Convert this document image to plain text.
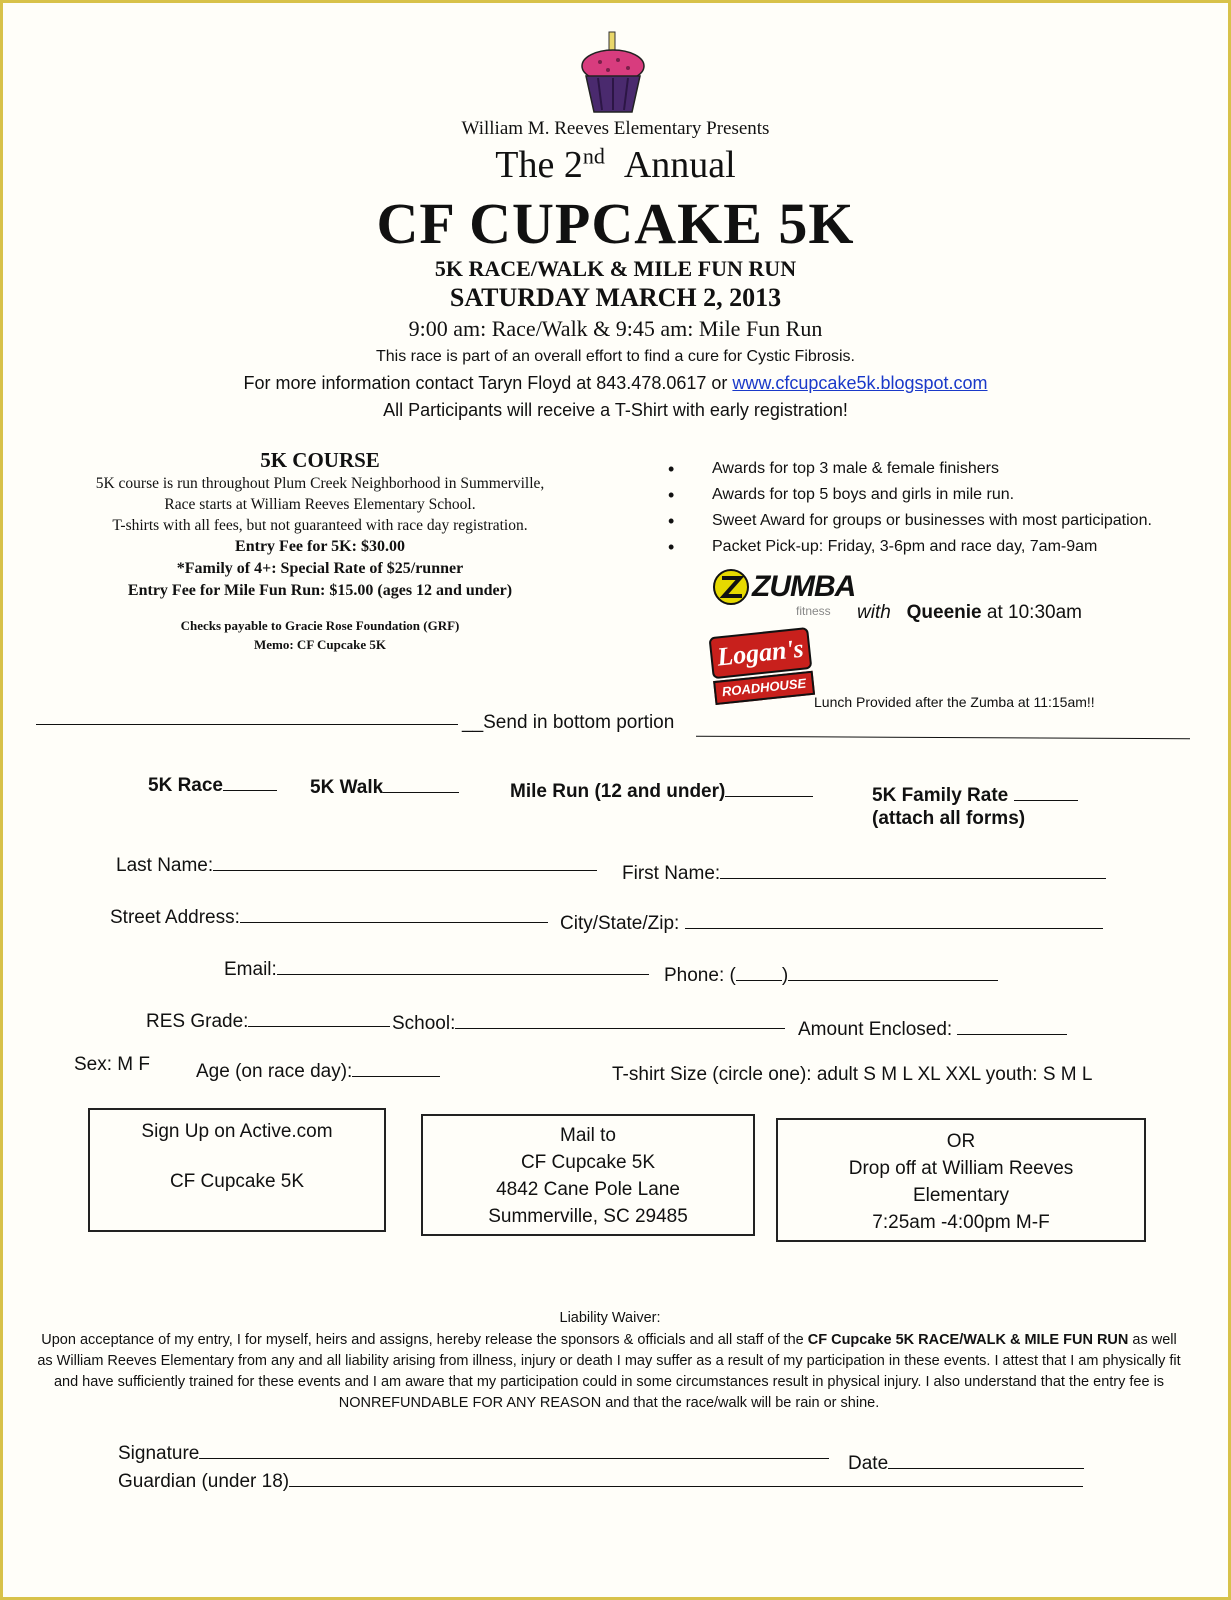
William M. Reeves Elementary Presents
The 2nd Annual
CF CUPCAKE 5K
5K RACE/WALK & MILE FUN RUN
SATURDAY MARCH 2, 2013
9:00 am: Race/Walk & 9:45 am: Mile Fun Run
This race is part of an overall effort to find a cure for Cystic Fibrosis.
For more information contact Taryn Floyd at 843.478.0617 or www.cfcupcake5k.blogspot.com
All Participants will receive a T-Shirt with early registration!
5K COURSE
5K course is run throughout Plum Creek Neighborhood in Summerville,
Race starts at William Reeves Elementary School.
T-shirts with all fees, but not guaranteed with race day registration.
Entry Fee for 5K: $30.00
*Family of 4+: Special Rate of $25/runner
Entry Fee for Mile Fun Run: $15.00 (ages 12 and under)
Checks payable to Gracie Rose Foundation (GRF)
Memo: CF Cupcake 5K
• Awards for top 3 male & female finishers
• Awards for top 5 boys and girls in mile run.
• Sweet Award for groups or businesses with most participation.
• Packet Pick-up: Friday, 3-6pm and race day, 7am-9am
ZUMBA
fitness with Queenie at 10:30am
Logan's
ROADHOUSE
Lunch Provided after the Zumba at 11:15am!!
__Send in bottom portion
5K Race	5K Walk	Mile Run (12 and under)	5K Family Rate
(attach all forms)
Last Name:	First Name:
Street Address:	City/State/Zip:
Email:	Phone: ( )
RES Grade:	School:	Amount Enclosed:
Sex: M F Age (on race day):	T-shirt Size (circle one): adult S M L XL XXL youth: S M L
Sign Up on Active.com
CF Cupcake 5K
Mail to
CF Cupcake 5K
4842 Cane Pole Lane
Summerville, SC 29485
OR
Drop off at William Reeves
Elementary
7:25am -4:00pm M-F
Liability Waiver:
Upon acceptance of my entry, I for myself, heirs and assigns, hereby release the sponsors & officials and all staff of the CF Cupcake 5K RACE/WALK & MILE FUN RUN as well as William Reeves Elementary from any and all liability arising from illness, injury or death I may suffer as a result of my participation in these events. I attest that I am physically fit and have sufficiently trained for these events and I am aware that my participation could in some circumstances result in physical injury. I also understand that the entry fee is NONREFUNDABLE FOR ANY REASON and that the race/walk will be rain or shine.
Signature	Date
Guardian (under 18)
